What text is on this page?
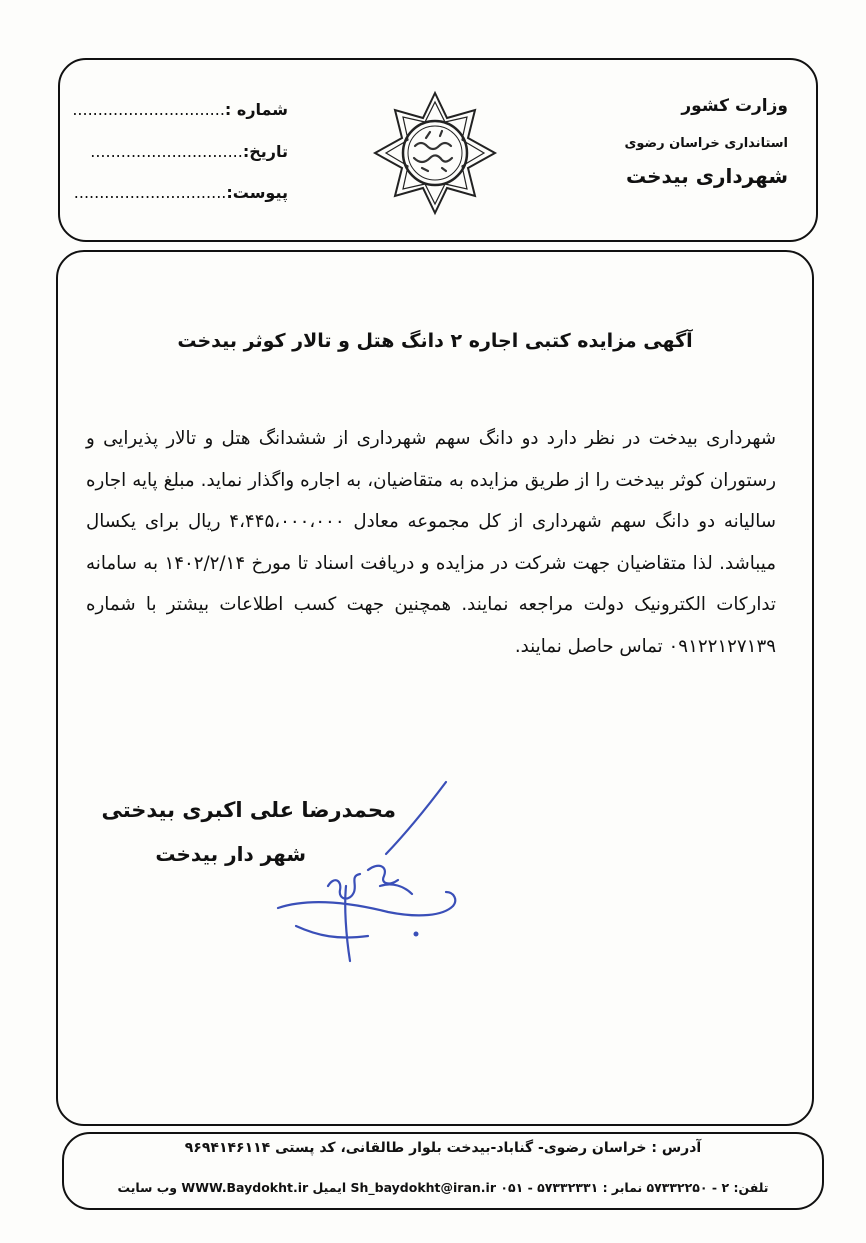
وزارت کشور
استانداری خراسان رضوی
شهرداری بیدخت
شماره :..............................
تاریخ:..............................
پیوست:..............................
آگهی مزایده کتبی اجاره ۲ دانگ هتل و تالار کوثر بیدخت
شهرداری بیدخت در نظر دارد دو دانگ سهم شهرداری از ششدانگ هتل و تالار پذیرایی و رستوران کوثر بیدخت را از طریق مزایده به متقاضیان، به اجاره واگذار نماید. مبلغ پایه اجاره سالیانه دو دانگ سهم شهرداری از کل مجموعه معادل ۴،۴۴۵،۰۰۰،۰۰۰ ریال برای یکسال میباشد. لذا متقاضیان جهت شرکت در مزایده و دریافت اسناد تا مورخ ۱۴۰۲/۲/۱۴ به سامانه تدارکات الکترونیک دولت مراجعه نمایند. همچنین جهت کسب اطلاعات بیشتر با شماره ۰۹۱۲۲۱۲۷۱۳۹ تماس حاصل نمایند.
محمدرضا علی اکبری بیدختی
شهر دار بیدخت
آدرس : خراسان رضوی- گناباد-بیدخت بلوار طالقانی، کد پستی ۹۶۹۴۱۴۶۱۱۴
تلفن: ۲ - ۵۷۳۳۲۲۵۰ نمابر : ۵۷۳۳۲۳۳۱ - ۰۵۱ Sh_baydokht@iran.ir ایمیل WWW.Baydokht.ir وب سایت
